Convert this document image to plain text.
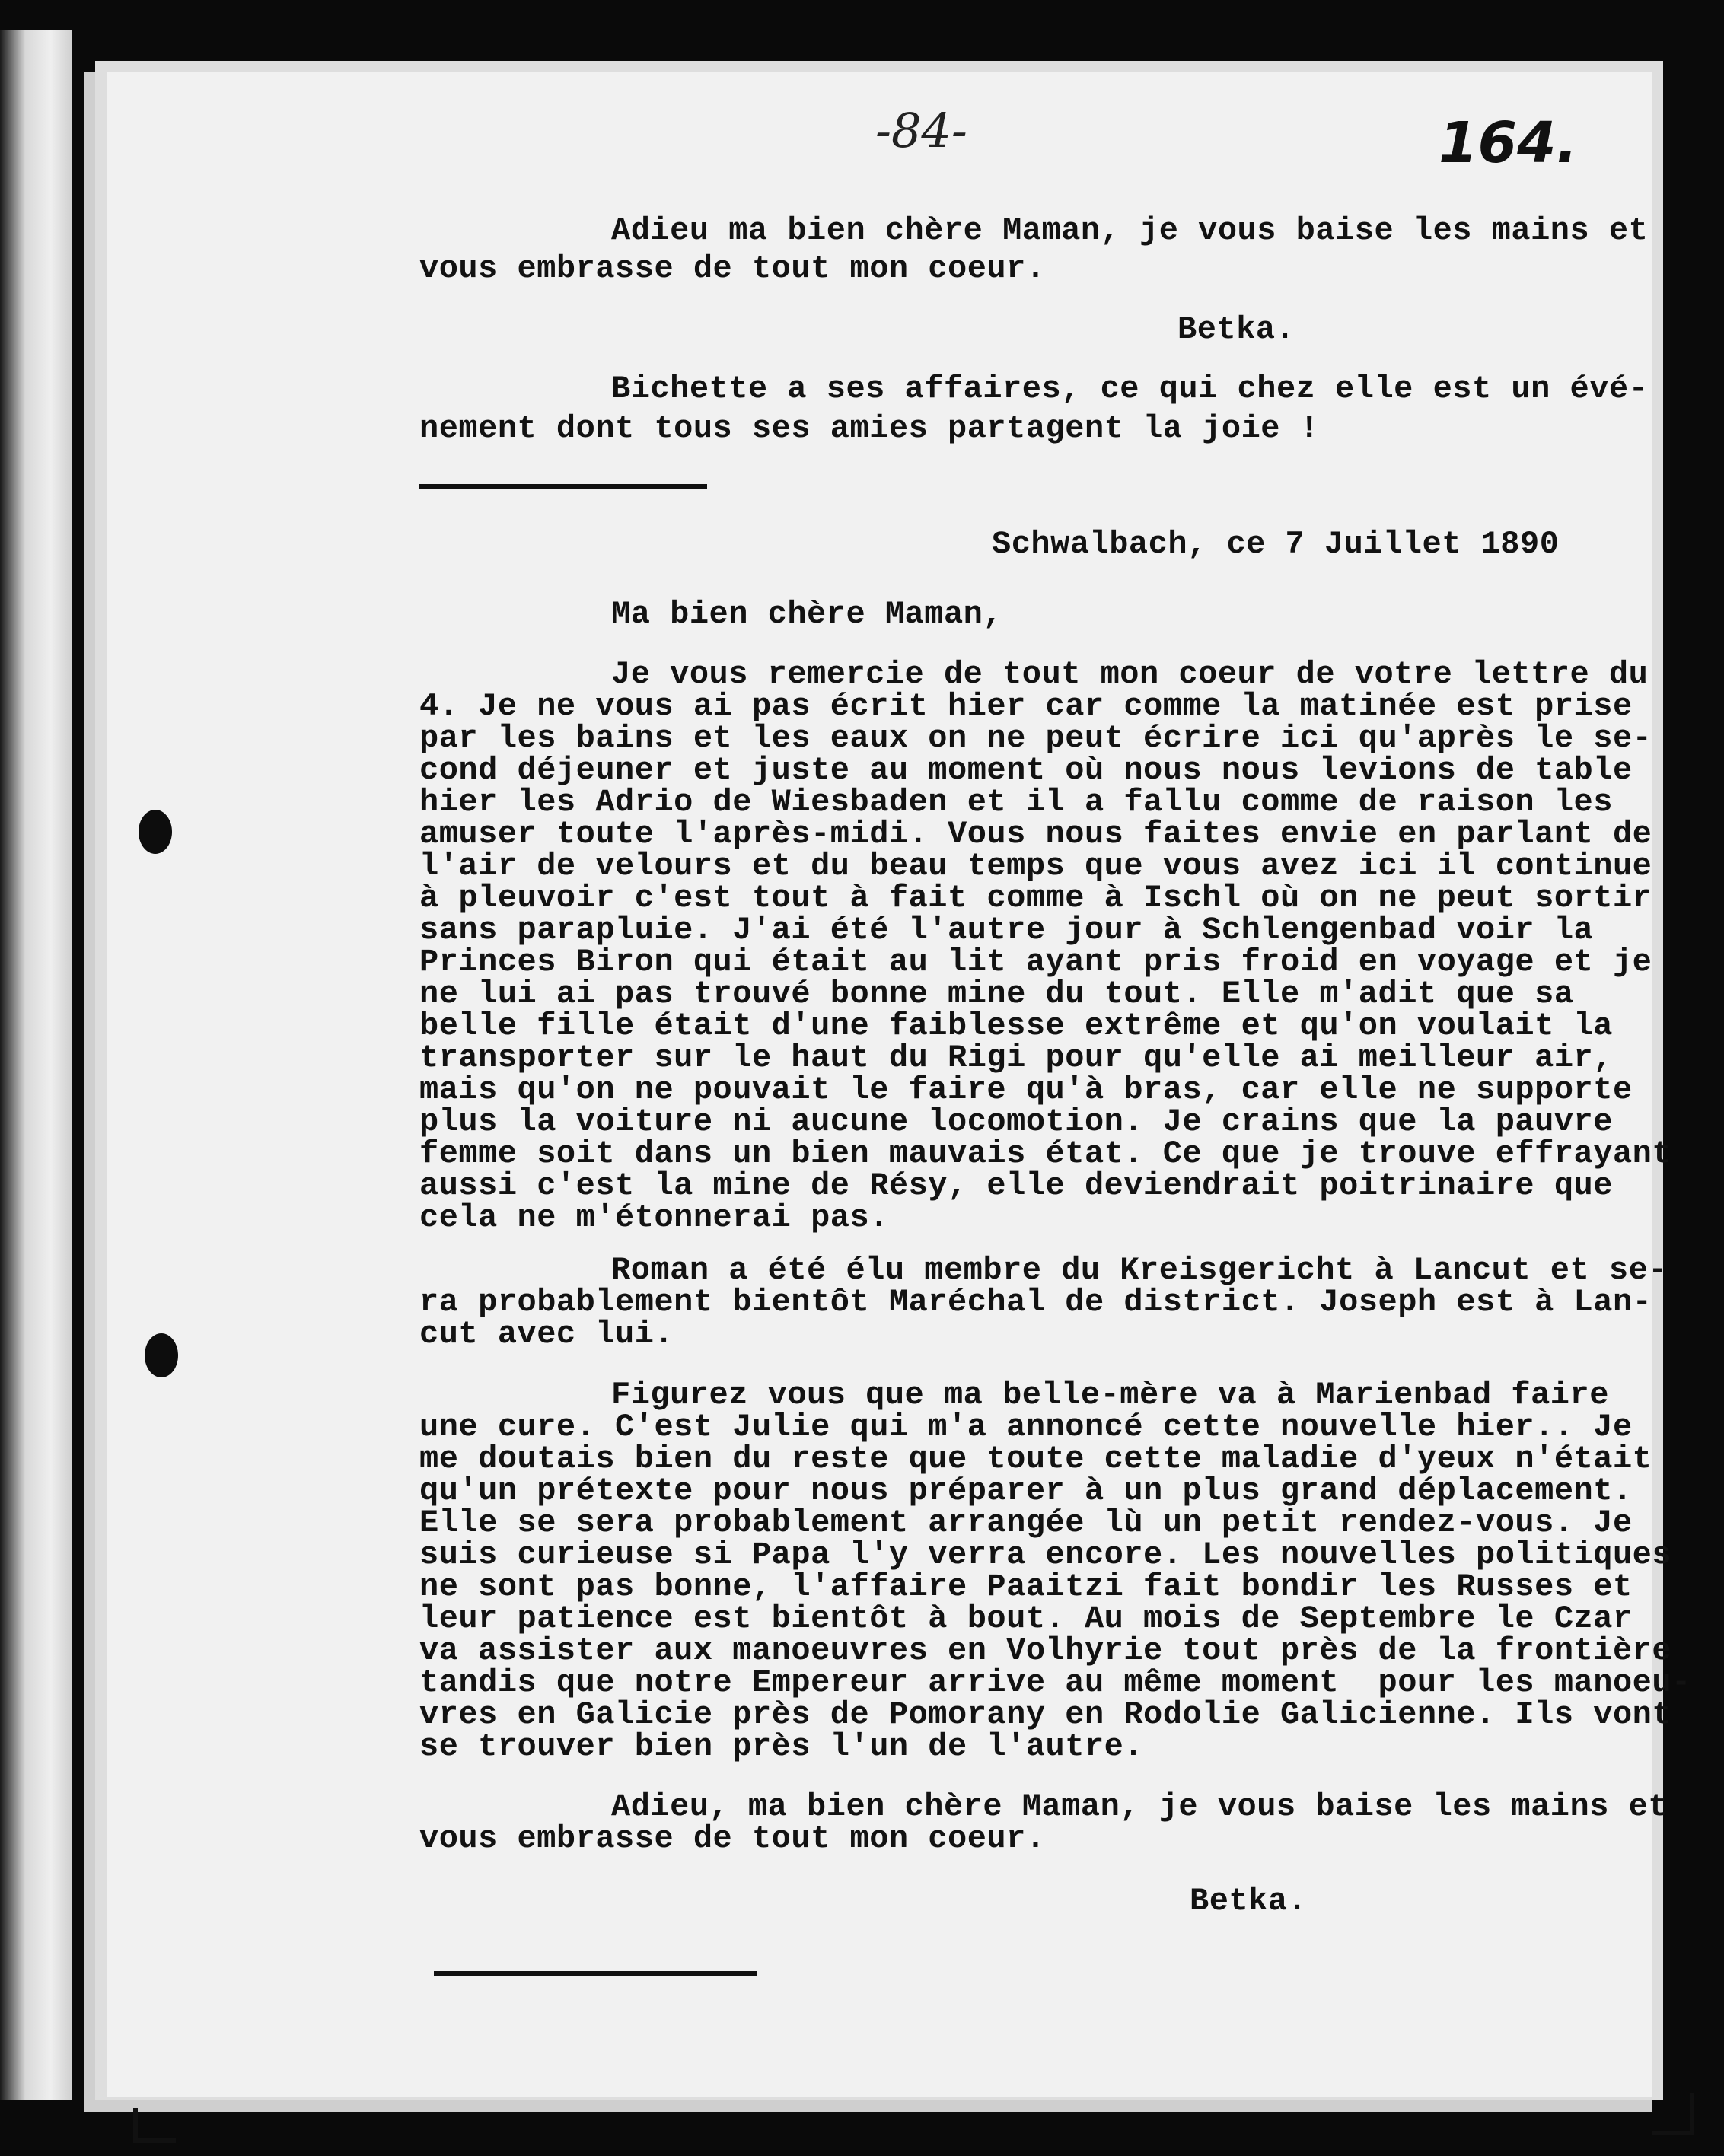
-84-	164.
Adieu ma bien chère Maman, je vous baise les mains et
vous embrasse de tout mon coeur.
Betka.
Bichette a ses affaires, ce qui chez elle est un évé-
nement dont tous ses amies partagent la joie !
Schwalbach, ce 7 Juillet 1890
Ma bien chère Maman,
Je vous remercie de tout mon coeur de votre lettre du
4. Je ne vous ai pas écrit hier car comme la matinée est prise
par les bains et les eaux on ne peut écrire ici qu'après le se-
cond déjeuner et juste au moment où nous nous levions de table
hier les Adrio de Wiesbaden et il a fallu comme de raison les
amuser toute l'après-midi. Vous nous faites envie en parlant de
l'air de velours et du beau temps que vous avez ici il continue
à pleuvoir c'est tout à fait comme à Ischl où on ne peut sortir
sans parapluie. J'ai été l'autre jour à Schlengenbad voir la
Princes Biron qui était au lit ayant pris froid en voyage et je
ne lui ai pas trouvé bonne mine du tout. Elle m'adit que sa
belle fille était d'une faiblesse extrême et qu'on voulait la
transporter sur le haut du Rigi pour qu'elle ai meilleur air,
mais qu'on ne pouvait le faire qu'à bras, car elle ne supporte
plus la voiture ni aucune locomotion. Je crains que la pauvre
femme soit dans un bien mauvais état. Ce que je trouve effrayant
aussi c'est la mine de Résy, elle deviendrait poitrinaire que
cela ne m'étonnerai pas.
Roman a été élu membre du Kreisgericht à Lancut et se-
ra probablement bientôt Maréchal de district. Joseph est à Lan-
cut avec lui.
Figurez vous que ma belle-mère va à Marienbad faire
une cure. C'est Julie qui m'a annoncé cette nouvelle hier.. Je
me doutais bien du reste que toute cette maladie d'yeux n'était
qu'un prétexte pour nous préparer à un plus grand déplacement.
Elle se sera probablement arrangée lù un petit rendez-vous. Je
suis curieuse si Papa l'y verra encore. Les nouvelles politiques
ne sont pas bonne, l'affaire Paaitzi fait bondir les Russes et
leur patience est bientôt à bout. Au mois de Septembre le Czar
va assister aux manoeuvres en Volhyrie tout près de la frontière
tandis que notre Empereur arrive au même moment  pour les manoeu-
vres en Galicie près de Pomorany en Rodolie Galicienne. Ils vont
se trouver bien près l'un de l'autre.
Adieu, ma bien chère Maman, je vous baise les mains et
vous embrasse de tout mon coeur.
Betka.
